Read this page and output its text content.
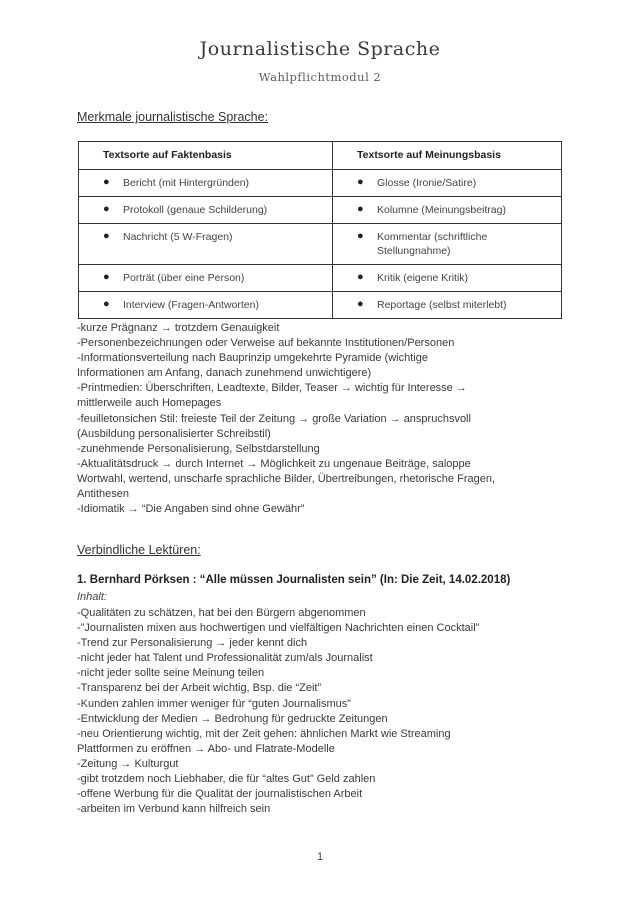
Journalistische Sprache
Wahlpflichtmodul 2
Merkmale journalistische Sprache:
Textsorte auf Faktenbasis	Textsorte auf Meinungsbasis

● Bericht (mit Hintergründen)	● Glosse (Ironie/Satire)

● Protokoll (genaue Schilderung)	● Kolumne (Meinungsbeitrag)

● Nachricht (5 W-Fragen)	● Kommentar (schriftliche Stellungnahme)

● Porträt (über eine Person)	● Kritik (eigene Kritik)

● Interview (Fragen-Antworten)	● Reportage (selbst miterlebt)
-kurze Prägnanz → trotzdem Genauigkeit
-Personenbezeichnungen oder Verweise auf bekannte Institutionen/Personen
-Informationsverteilung nach Bauprinzip umgekehrte Pyramide (wichtige
Informationen am Anfang, danach zunehmend unwichtigere)
-Printmedien: Überschriften, Leadtexte, Bilder, Teaser → wichtig für Interesse →
mittlerweile auch Homepages
-feuilletonsichen Stil: freieste Teil der Zeitung → große Variation → anspruchsvoll
(Ausbildung personalisierter Schreibstil)
-zunehmende Personalisierung, Selbstdarstellung
-Aktualitätsdruck → durch Internet → Möglichkeit zu ungenaue Beiträge, saloppe
Wortwahl, wertend, unscharfe sprachliche Bilder, Übertreibungen, rhetorische Fragen,
Antithesen
-Idiomatik → “Die Angaben sind ohne Gewähr”
Verbindliche Lektüren:
1. Bernhard Pörksen : “Alle müssen Journalisten sein” (In: Die Zeit, 14.02.2018)
Inhalt:
-Qualitäten zu schätzen, hat bei den Bürgern abgenommen
-”Journalisten mixen aus hochwertigen und vielfältigen Nachrichten einen Cocktail”
-Trend zur Personalisierung → jeder kennt dich
-nicht jeder hat Talent und Professionalität zum/als Journalist
-nicht jeder sollte seine Meinung teilen
-Transparenz bei der Arbeit wichtig, Bsp. die “Zeit”
-Kunden zahlen immer weniger für “guten Journalismus”
-Entwicklung der Medien → Bedrohung für gedruckte Zeitungen
-neu Orientierung wichtig, mit der Zeit gehen: ähnlichen Markt wie Streaming
Plattformen zu eröffnen → Abo- und Flatrate-Modelle
-Zeitung → Kulturgut
-gibt trotzdem noch Liebhaber, die für “altes Gut” Geld zahlen
-offene Werbung für die Qualität der journalistischen Arbeit
-arbeiten im Verbund kann hilfreich sein
1
